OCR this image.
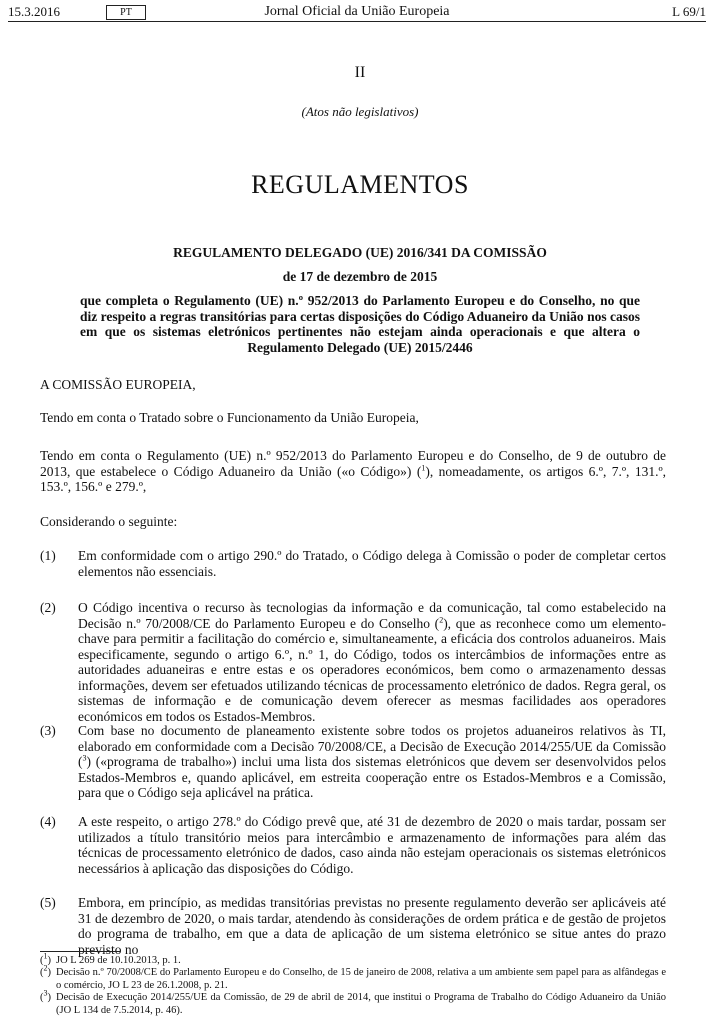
Jornal Oficial da União Europeia
15.3.2016	PT	L 69/1
II
(Atos não legislativos)
REGULAMENTOS
REGULAMENTO DELEGADO (UE) 2016/341 DA COMISSÃO
de 17 de dezembro de 2015
que completa o Regulamento (UE) n.º 952/2013 do Parlamento Europeu e do Conselho, no que diz respeito a regras transitórias para certas disposições do Código Aduaneiro da União nos casos em que os sistemas eletrónicos pertinentes não estejam ainda operacionais e que altera o Regulamento Delegado (UE) 2015/2446
A COMISSÃO EUROPEIA,
Tendo em conta o Tratado sobre o Funcionamento da União Europeia,
Tendo em conta o Regulamento (UE) n.º 952/2013 do Parlamento Europeu e do Conselho, de 9 de outubro de 2013, que estabelece o Código Aduaneiro da União («o Código») ($^1$), nomeadamente, os artigos 6.º, 7.º, 131.º, 153.º, 156.º e 279.º,
Considerando o seguinte:
(1) Em conformidade com o artigo 290.º do Tratado, o Código delega à Comissão o poder de completar certos elementos não essenciais.
(2) O Código incentiva o recurso às tecnologias da informação e da comunicação, tal como estabelecido na Decisão n.º 70/2008/CE do Parlamento Europeu e do Conselho ($^2$), que as reconhece como um elemento-chave para permitir a facilitação do comércio e, simultaneamente, a eficácia dos controlos aduaneiros. Mais especificamente, segundo o artigo 6.º, n.º 1, do Código, todos os intercâmbios de informações entre as autoridades aduaneiras e entre estas e os operadores económicos, bem como o armazenamento dessas informações, devem ser efetuados utilizando técnicas de processamento eletrónico de dados. Regra geral, os sistemas de informação e de comunicação devem oferecer as mesmas facilidades aos operadores económicos em todos os Estados-Membros.
(3) Com base no documento de planeamento existente sobre todos os projetos aduaneiros relativos às TI, elaborado em conformidade com a Decisão 70/2008/CE, a Decisão de Execução 2014/255/UE da Comissão ($^3$) («programa de trabalho») inclui uma lista dos sistemas eletrónicos que devem ser desenvolvidos pelos Estados-Membros e, quando aplicável, em estreita cooperação entre os Estados-Membros e a Comissão, para que o Código seja aplicável na prática.
(4) A este respeito, o artigo 278.º do Código prevê que, até 31 de dezembro de 2020 o mais tardar, possam ser utilizados a título transitório meios para intercâmbio e armazenamento de informações para além das técnicas de processamento eletrónico de dados, caso ainda não estejam operacionais os sistemas eletrónicos necessários à aplicação das disposições do Código.
(5) Embora, em princípio, as medidas transitórias previstas no presente regulamento deverão ser aplicáveis até 31 de dezembro de 2020, o mais tardar, atendendo às considerações de ordem prática e de gestão de projetos do programa de trabalho, em que a data de aplicação de um sistema eletrónico se situe antes do prazo previsto no
($^1$) JO L 269 de 10.10.2013, p. 1.
($^2$) Decisão n.º 70/2008/CE do Parlamento Europeu e do Conselho, de 15 de janeiro de 2008, relativa a um ambiente sem papel para as alfândegas e o comércio, JO L 23 de 26.1.2008, p. 21.
($^3$) Decisão de Execução 2014/255/UE da Comissão, de 29 de abril de 2014, que institui o Programa de Trabalho do Código Aduaneiro da União (JO L 134 de 7.5.2014, p. 46).
